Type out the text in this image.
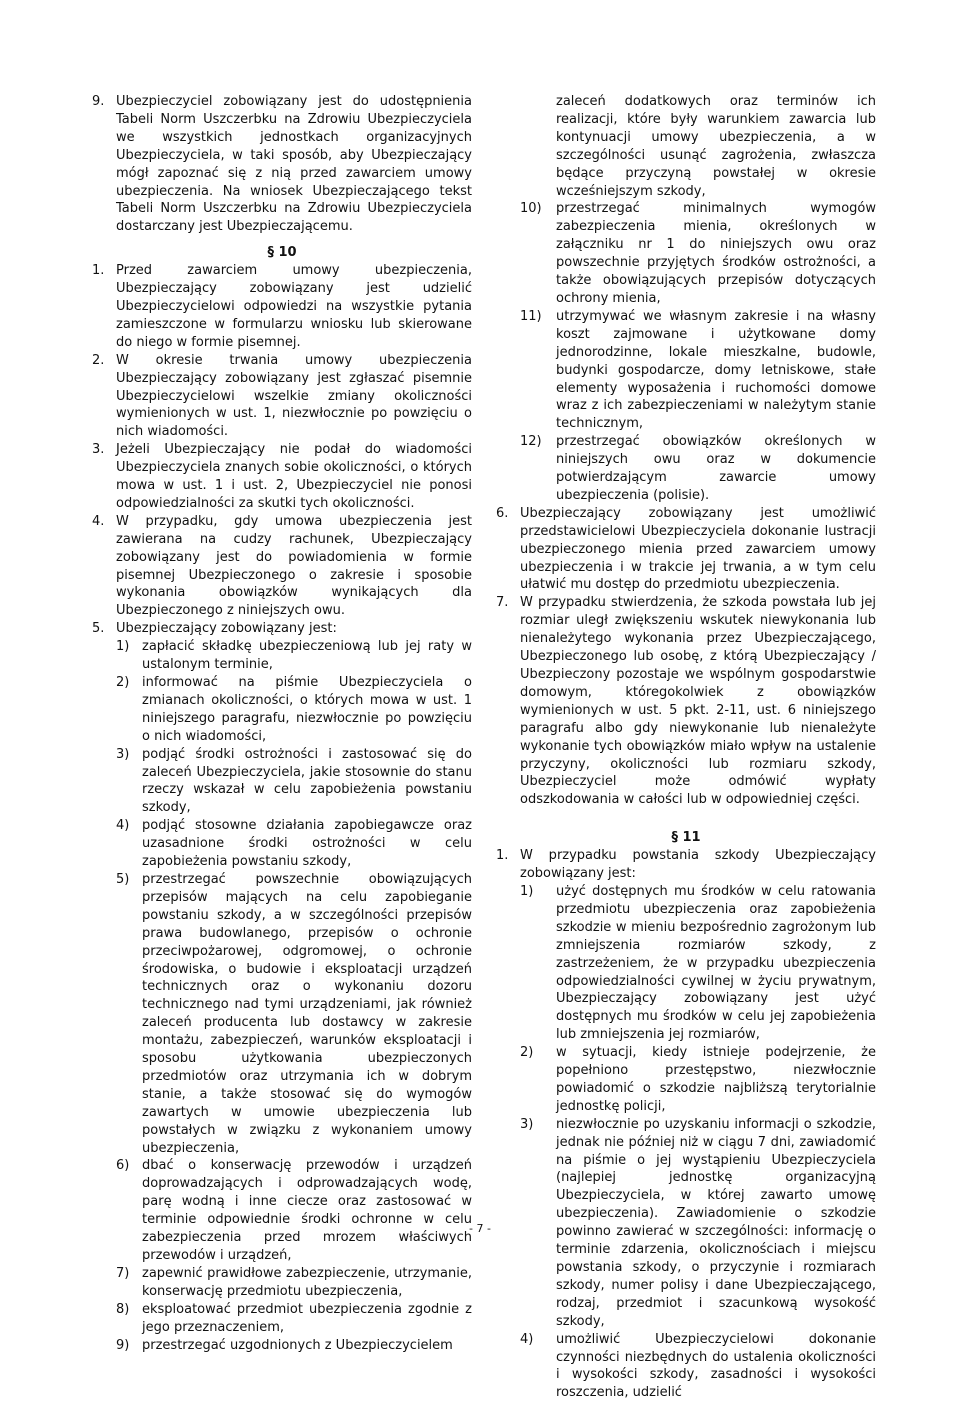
9. Ubezpieczyciel zobowiązany jest do udostępnienia Tabeli Norm Uszczerbku na Zdrowiu Ubezpieczyciela we wszystkich jednostkach organizacyjnych Ubezpieczyciela, w taki sposób, aby Ubezpieczający mógł zapoznać się z nią przed zawarciem umowy ubezpieczenia. Na wniosek Ubezpieczającego tekst Tabeli Norm Uszczerbku na Zdrowiu Ubezpieczyciela dostarczany jest Ubezpieczającemu.

§ 10

1. Przed zawarciem umowy ubezpieczenia, Ubezpieczający zobowiązany jest udzielić Ubezpieczycielowi odpowiedzi na wszystkie pytania zamieszczone w formularzu wniosku lub skierowane do niego w formie pisemnej.
2. W okresie trwania umowy ubezpieczenia Ubezpieczający zobowiązany jest zgłaszać pisemnie Ubezpieczycielowi wszelkie zmiany okoliczności wymienionych w ust. 1, niezwłocznie po powzięciu o nich wiadomości.
3. Jeżeli Ubezpieczający nie podał do wiadomości Ubezpieczyciela znanych sobie okoliczności, o których mowa w ust. 1 i ust. 2, Ubezpieczyciel nie ponosi odpowiedzialności za skutki tych okoliczności.
4. W przypadku, gdy umowa ubezpieczenia jest zawierana na cudzy rachunek, Ubezpieczający zobowiązany jest do powiadomienia w formie pisemnej Ubezpieczonego o zakresie i sposobie wykonania obowiązków wynikających dla Ubezpieczonego z niniejszych owu.
5. Ubezpieczający zobowiązany jest:
1) zapłacić składkę ubezpieczeniową lub jej raty w ustalonym terminie,
2) informować na piśmie Ubezpieczyciela o zmianach okoliczności, o których mowa w ust. 1 niniejszego paragrafu, niezwłocznie po powzięciu o nich wiadomości,
3) podjąć środki ostrożności i zastosować się do zaleceń Ubezpieczyciela, jakie stosownie do stanu rzeczy wskazał w celu zapobieżenia powstaniu szkody,
4) podjąć stosowne działania zapobiegawcze oraz uzasadnione środki ostrożności w celu zapobieżenia powstaniu szkody,
5) przestrzegać powszechnie obowiązujących przepisów mających na celu zapobieganie powstaniu szkody, a w szczególności przepisów prawa budowlanego, przepisów o ochronie przeciwpożarowej, odgromowej, o ochronie środowiska, o budowie i eksploatacji urządzeń technicznych oraz o wykonaniu dozoru technicznego nad tymi urządzeniami, jak również zaleceń producenta lub dostawcy w zakresie montażu, zabezpieczeń, warunków eksploatacji i sposobu użytkowania ubezpieczonych przedmiotów oraz utrzymania ich w dobrym stanie, a także stosować się do wymogów zawartych w umowie ubezpieczenia lub powstałych w związku z wykonaniem umowy ubezpieczenia,
6) dbać o konserwację przewodów i urządzeń doprowadzających i odprowadzających wodę, parę wodną i inne ciecze oraz zastosować w terminie odpowiednie środki ochronne w celu zabezpieczenia przed mrozem właściwych przewodów i urządzeń,
7) zapewnić prawidłowe zabezpieczenie, utrzymanie, konserwację przedmiotu ubezpieczenia,
8) eksploatować przedmiot ubezpieczenia zgodnie z jego przeznaczeniem,
9) przestrzegać uzgodnionych z Ubezpieczycielem
zaleceń dodatkowych oraz terminów ich realizacji, które były warunkiem zawarcia lub kontynuacji umowy ubezpieczenia, a w szczególności usunąć zagrożenia, zwłaszcza będące przyczyną powstałej w okresie wcześniejszym szkody,
10)	przestrzegać minimalnych wymogów zabezpieczenia mienia, określonych w załączniku nr 1 do niniejszych owu oraz powszechnie przyjętych środków ostrożności, a także obowiązujących przepisów dotyczących ochrony mienia,
11)	utrzymywać we własnym zakresie i na własny koszt zajmowane i użytkowane domy jednorodzinne, lokale mieszkalne, budowle, budynki gospodarcze, domy letniskowe, stałe elementy wyposażenia i ruchomości domowe wraz z ich zabezpieczeniami w należytym stanie technicznym,
12)	przestrzegać obowiązków określonych w niniejszych owu oraz w dokumencie potwierdzającym zawarcie umowy ubezpieczenia (polisie).
6. Ubezpieczający zobowiązany jest umożliwić przedstawicielowi Ubezpieczyciela dokonanie lustracji ubezpieczonego mienia przed zawarciem umowy ubezpieczenia i w trakcie jej trwania, a w tym celu ułatwić mu dostęp do przedmiotu ubezpieczenia.
7. W przypadku stwierdzenia, że szkoda powstała lub jej rozmiar uległ zwiększeniu wskutek niewykonania lub nienależytego wykonania przez Ubezpieczającego, Ubezpieczonego lub osobę, z którą Ubezpieczający / Ubezpieczony pozostaje we wspólnym gospodarstwie domowym, któregokolwiek z obowiązków wymienionych w ust. 5 pkt. 2-11, ust. 6 niniejszego paragrafu albo gdy niewykonanie lub nienależyte wykonanie tych obowiązków miało wpływ na ustalenie przyczyny, okoliczności lub rozmiaru szkody, Ubezpieczyciel może odmówić wypłaty odszkodowania w całości lub w odpowiedniej części.

§ 11

1. W przypadku powstania szkody Ubezpieczający zobowiązany jest:
1)	użyć dostępnych mu środków w celu ratowania przedmiotu ubezpieczenia oraz zapobieżenia szkodzie w mieniu bezpośrednio zagrożonym lub zmniejszenia rozmiarów szkody, z zastrzeżeniem, że w przypadku ubezpieczenia odpowiedzialności cywilnej w życiu prywatnym, Ubezpieczający zobowiązany jest użyć dostępnych mu środków w celu jej zapobieżenia lub zmniejszenia jej rozmiarów,
2)	w sytuacji, kiedy istnieje podejrzenie, że popełniono przestępstwo, niezwłocznie powiadomić o szkodzie najbliższą terytorialnie jednostkę policji,
3)	niezwłocznie po uzyskaniu informacji o szkodzie, jednak nie później niż w ciągu 7 dni, zawiadomić na piśmie o jej wystąpieniu Ubezpieczyciela (najlepiej jednostkę organizacyjną Ubezpieczyciela, w której zawarto umowę ubezpieczenia). Zawiadomienie o szkodzie powinno zawierać w szczególności: informację o terminie zdarzenia, okolicznościach i miejscu powstania szkody, o przyczynie i rozmiarach szkody, numer polisy i dane Ubezpieczającego, rodzaj, przedmiot i szacunkową wysokość szkody,
4)	umożliwić Ubezpieczycielowi dokonanie czynności niezbędnych do ustalenia okoliczności i wysokości szkody, zasadności i wysokości roszczenia, udzielić
- 7 -
